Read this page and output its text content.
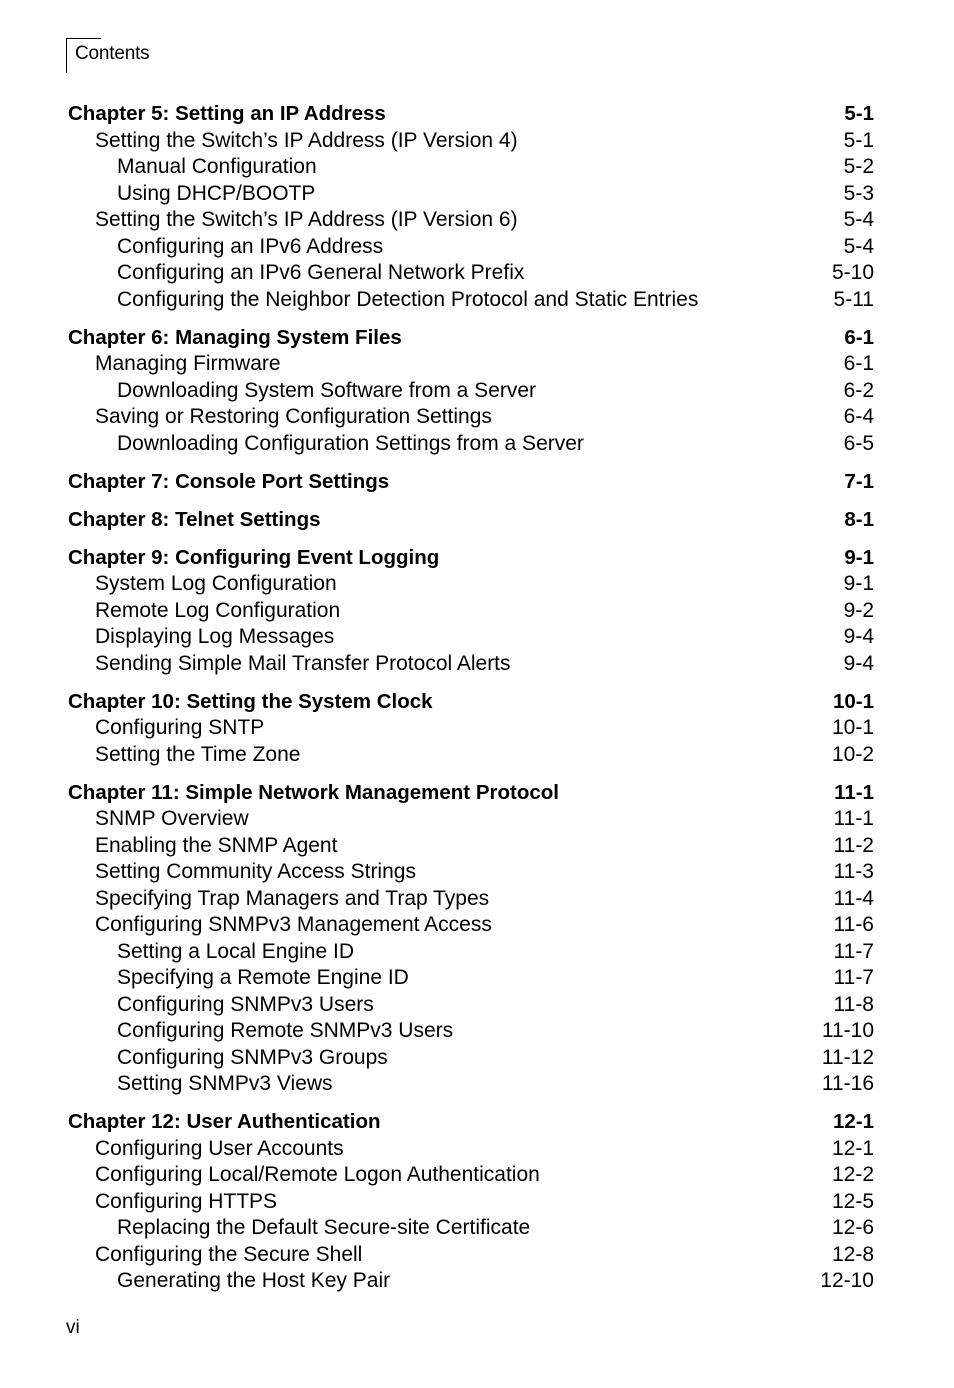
Contents
Chapter 5: Setting an IP Address	5-1
Setting the Switch’s IP Address (IP Version 4)	5-1
Manual Configuration	5-2
Using DHCP/BOOTP	5-3
Setting the Switch’s IP Address (IP Version 6)	5-4
Configuring an IPv6 Address	5-4
Configuring an IPv6 General Network Prefix	5-10
Configuring the Neighbor Detection Protocol and Static Entries	5-11
Chapter 6: Managing System Files	6-1
Managing Firmware	6-1
Downloading System Software from a Server	6-2
Saving or Restoring Configuration Settings	6-4
Downloading Configuration Settings from a Server	6-5
Chapter 7: Console Port Settings	7-1
Chapter 8: Telnet Settings	8-1
Chapter 9: Configuring Event Logging	9-1
System Log Configuration	9-1
Remote Log Configuration	9-2
Displaying Log Messages	9-4
Sending Simple Mail Transfer Protocol Alerts	9-4
Chapter 10: Setting the System Clock	10-1
Configuring SNTP	10-1
Setting the Time Zone	10-2
Chapter 11: Simple Network Management Protocol	11-1
SNMP Overview	11-1
Enabling the SNMP Agent	11-2
Setting Community Access Strings	11-3
Specifying Trap Managers and Trap Types	11-4
Configuring SNMPv3 Management Access	11-6
Setting a Local Engine ID	11-7
Specifying a Remote Engine ID	11-7
Configuring SNMPv3 Users	11-8
Configuring Remote SNMPv3 Users	11-10
Configuring SNMPv3 Groups	11-12
Setting SNMPv3 Views	11-16
Chapter 12: User Authentication	12-1
Configuring User Accounts	12-1
Configuring Local/Remote Logon Authentication	12-2
Configuring HTTPS	12-5
Replacing the Default Secure-site Certificate	12-6
Configuring the Secure Shell	12-8
Generating the Host Key Pair	12-10
vi
